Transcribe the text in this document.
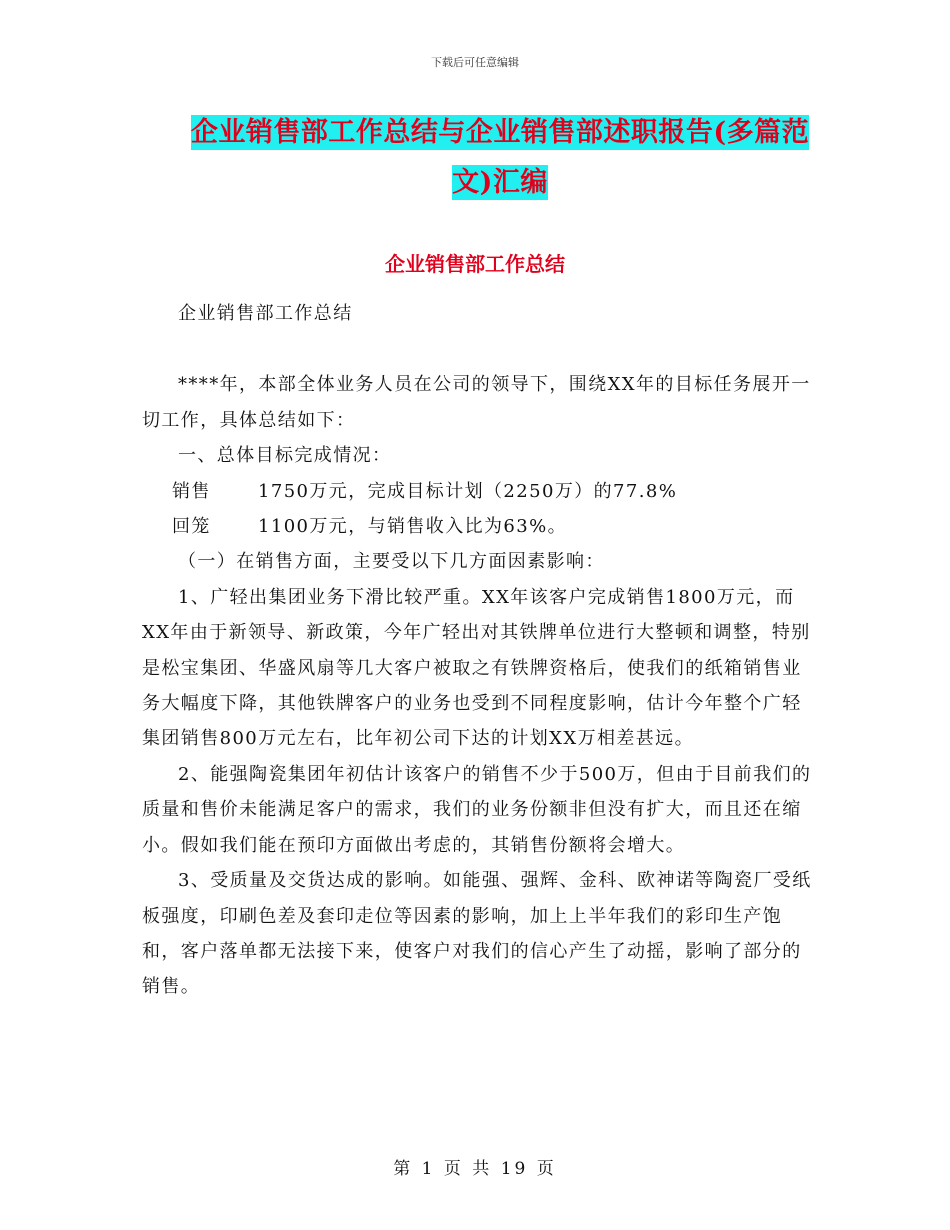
下载后可任意编辑
企业销售部工作总结与企业销售部述职报告(多篇范
文)汇编
企业销售部工作总结

企业销售部工作总结

****年，本部全体业务人员在公司的领导下，围绕XX年的目标任务展开一切工作，具体总结如下：

一、总体目标完成情况：

销售	1750万元，完成目标计划（2250万）的77.8%
回笼	1100万元，与销售收入比为63%。

（一）在销售方面，主要受以下几方面因素影响：

1、广轻出集团业务下滑比较严重。XX年该客户完成销售1800万元，而XX年由于新领导、新政策，今年广轻出对其铁牌单位进行大整顿和调整，特别是松宝集团、华盛风扇等几大客户被取之有铁牌资格后，使我们的纸箱销售业务大幅度下降，其他铁牌客户的业务也受到不同程度影响，估计今年整个广轻集团销售800万元左右，比年初公司下达的计划XX万相差甚远。

2、能强陶瓷集团年初估计该客户的销售不少于500万，但由于目前我们的质量和售价未能满足客户的需求，我们的业务份额非但没有扩大，而且还在缩小。假如我们能在预印方面做出考虑的，其销售份额将会增大。

3、受质量及交货达成的影响。如能强、强辉、金科、欧神诺等陶瓷厂受纸板强度，印刷色差及套印走位等因素的影响，加上上半年我们的彩印生产饱和，客户落单都无法接下来，使客户对我们的信心产生了动摇，影响了部分的销售。

第 1 页 共 19 页
